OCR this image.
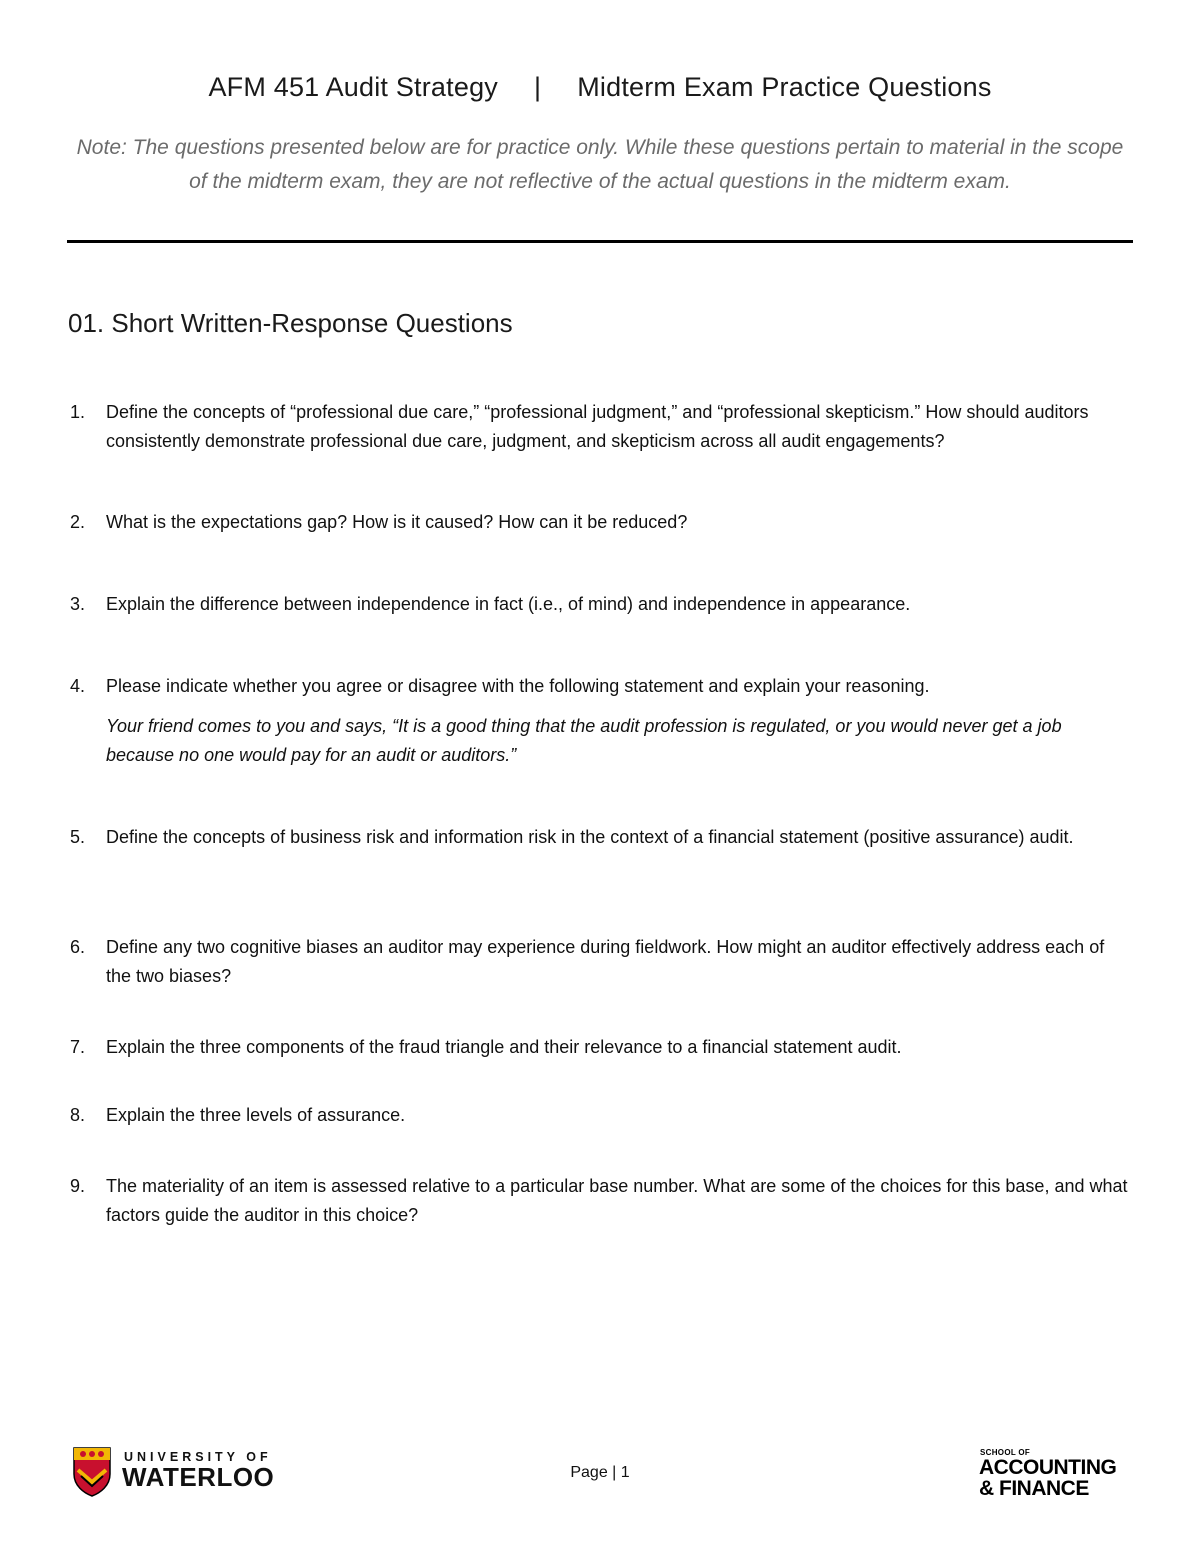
AFM 451 Audit Strategy | Midterm Exam Practice Questions
Note: The questions presented below are for practice only. While these questions pertain to material in the scope of the midterm exam, they are not reflective of the actual questions in the midterm exam.
01. Short Written-Response Questions
1.	Define the concepts of “professional due care,” “professional judgment,” and “professional skepticism.” How should auditors consistently demonstrate professional due care, judgment, and skepticism across all audit engagements?
2.	What is the expectations gap? How is it caused? How can it be reduced?
3.	Explain the difference between independence in fact (i.e., of mind) and independence in appearance.
4.	Please indicate whether you agree or disagree with the following statement and explain your reasoning.
Your friend comes to you and says, “It is a good thing that the audit profession is regulated, or you would never get a job because no one would pay for an audit or auditors.”
5.	Define the concepts of business risk and information risk in the context of a financial statement (positive assurance) audit.
6.	Define any two cognitive biases an auditor may experience during fieldwork. How might an auditor effectively address each of the two biases?
7.	Explain the three components of the fraud triangle and their relevance to a financial statement audit.
8.	Explain the three levels of assurance.
9.	The materiality of an item is assessed relative to a particular base number. What are some of the choices for this base, and what factors guide the auditor in this choice?
UNIVERSITY OF
WATERLOO	Page | 1
SCHOOL OF
ACCOUNTING
& FINANCE
